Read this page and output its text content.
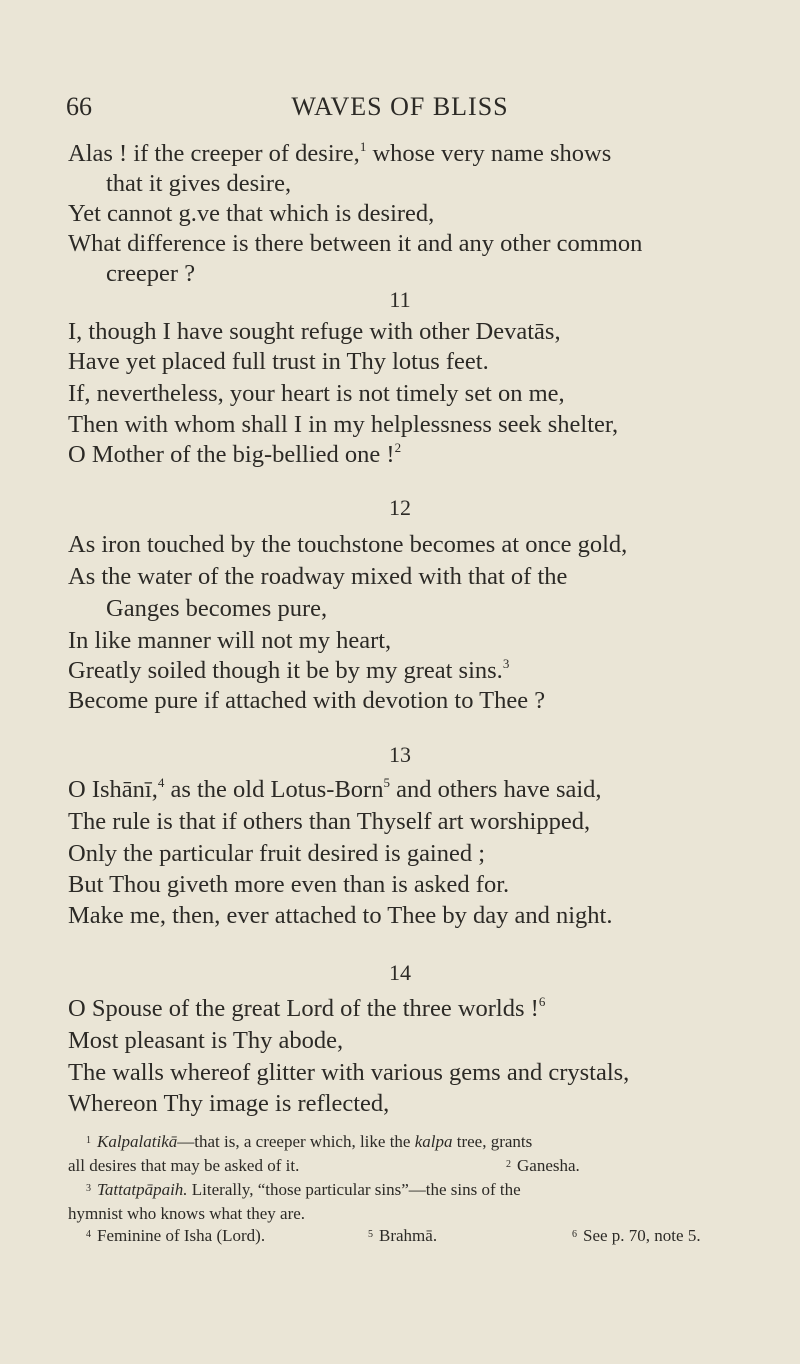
66	WAVES OF BLISS
Alas ! if the creeper of desire,$^1$ whose very name shows
that it gives desire,
Yet cannot g.ve that which is desired,
What difference is there between it and any other common
creeper ?
11
I, though I have sought refuge with other Devatās,
Have yet placed full trust in Thy lotus feet.
If, nevertheless, your heart is not timely set on me,
Then with whom shall I in my helplessness seek shelter,
O Mother of the big-bellied one !$^2$
12
As iron touched by the touchstone becomes at once gold,
As the water of the roadway mixed with that of the
Ganges becomes pure,
In like manner will not my heart,
Greatly soiled though it be by my great sins.$^3$
Become pure if attached with devotion to Thee ?
13
O Ishānī,$^4$ as the old Lotus-Born$^5$ and others have said,
The rule is that if others than Thyself art worshipped,
Only the particular fruit desired is gained ;
But Thou giveth more even than is asked for.
Make me, then, ever attached to Thee by day and night.
14
O Spouse of the great Lord of the three worlds !$^6$
Most pleasant is Thy abode,
The walls whereof glitter with various gems and crystals,
Whereon Thy image is reflected,
$^1$ Kalpalatikā—that is, a creeper which, like the kalpa tree, grants
all desires that may be asked of it.	$^2$ Ganesha.
$^3$ Tattatpāpaih. Literally, “those particular sins”—the sins of the
hymnist who knows what they are.
$^4$ Feminine of Isha (Lord).	$^5$ Brahmā.	$^6$ See p. 70, note 5.
